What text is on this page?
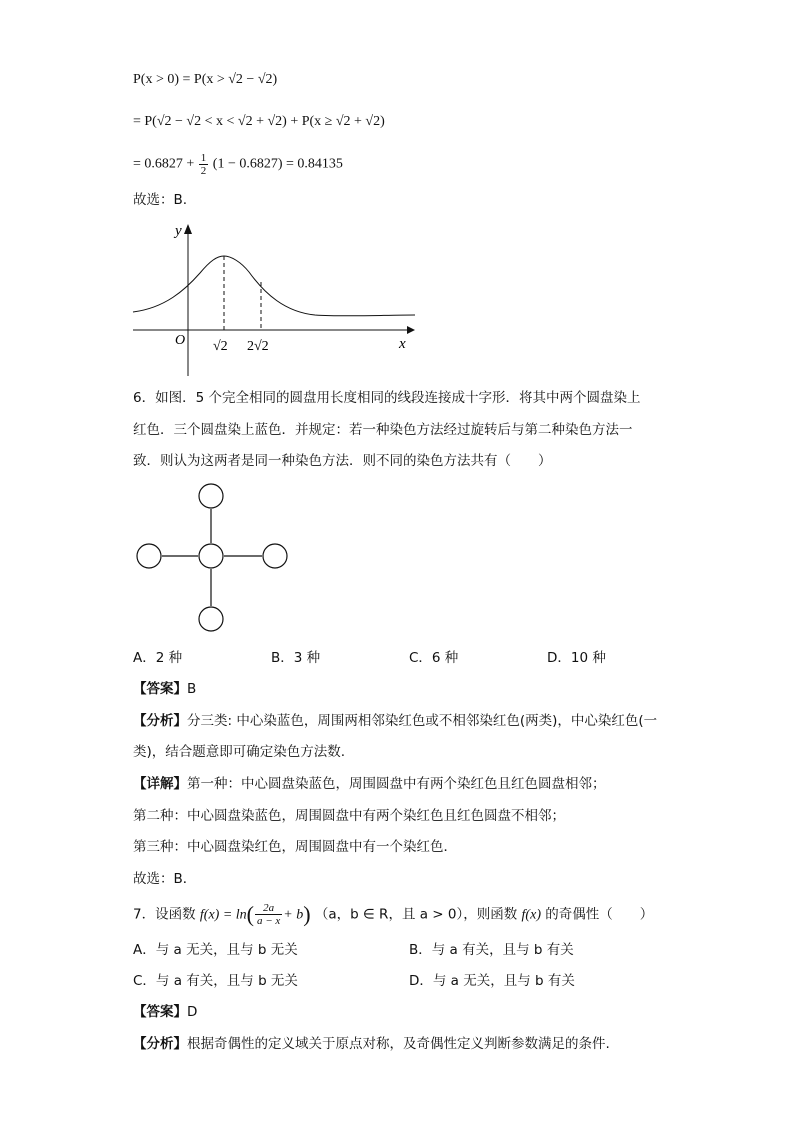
P(x > 0) = P(x > √2 − √2)
= P(√2 − √2 < x < √2 + √2) + P(x ≥ √2 + √2)
= $0.6827 + \frac{1}{2} (1 - 0.6827) = 0.84135$
故选：B.
y
x
O √2 2√2
6．如图．5 个完全相同的圆盘用长度相同的线段连接成十字形．将其中两个圆盘染上
红色．三个圆盘染上蓝色．并规定：若一种染色方法经过旋转后与第二种染色方法一
致．则认为这两者是同一种染色方法．则不同的染色方法共有（　　）
A．2 种	B．3 种	C．6 种	D．10 种
【答案】B
【分析】分三类: 中心染蓝色，周围两相邻染红色或不相邻染红色(两类)，中心染红色(一
类)，结合题意即可确定染色方法数.
【详解】第一种：中心圆盘染蓝色，周围圆盘中有两个染红色且红色圆盘相邻；
第二种：中心圆盘染蓝色，周围圆盘中有两个染红色且红色圆盘不相邻；
第三种：中心圆盘染红色，周围圆盘中有一个染红色．
故选：B．
7．设函数 $f(x) = \ln( \frac{2a}{a - x} + b)$ （a，b ∈ R，且 a > 0），则函数 f(x) 的奇偶性（　　）
A．与 a 无关，且与 b 无关	B．与 a 有关，且与 b 有关
C．与 a 有关，且与 b 无关	D．与 a 无关，且与 b 有关
【答案】D
【分析】根据奇偶性的定义域关于原点对称，及奇偶性定义判断参数满足的条件.
